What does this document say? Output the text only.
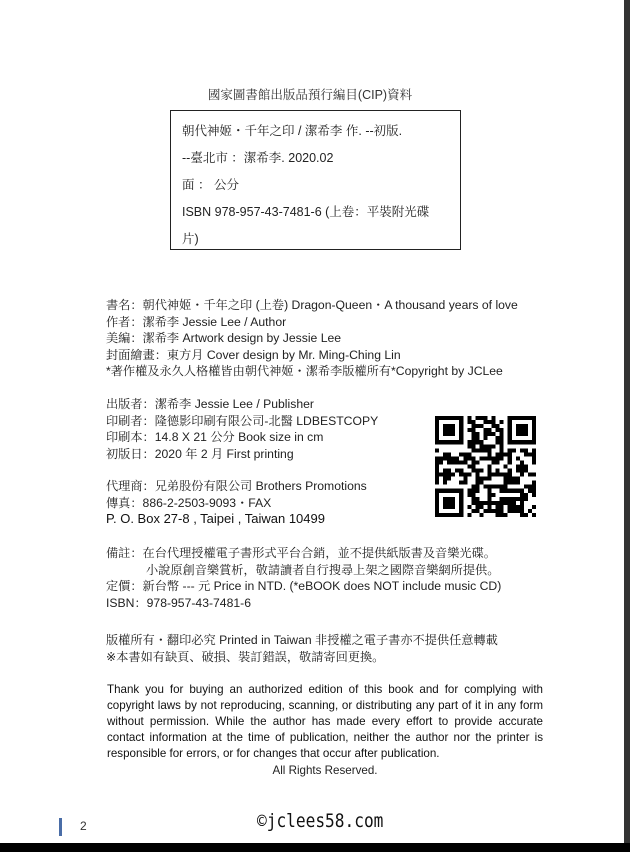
國家圖書館出版品預行編目(CIP)資料
朝代神姬・千年之印 / 潔希李 作. --初版.
--臺北市 ：潔希李. 2020.02
面 ： 公分
ISBN 978-957-43-7481-6 (上卷：平裝附光碟
片)
書名：朝代神姬・千年之印 (上卷) Dragon-Queen・A thousand years of love
作者：潔希李 Jessie Lee / Author
美編：潔希李 Artwork design by Jessie Lee
封面繪畫：東方月 Cover design by Mr. Ming-Ching Lin
*著作權及永久人格權皆由朝代神姬・潔希李版權所有*Copyright by JCLee
出版者：潔希李 Jessie Lee / Publisher
印刷者：隆德影印刷有限公司-北醫 LDBESTCOPY
印刷本：14.8 X 21 公分 Book size in cm
初版日：2020 年 2 月 First printing
代理商：兄弟股份有限公司 Brothers Promotions
傳真：886-2-2503-9093・FAX
P. O. Box 27-8 , Taipei , Taiwan 10499
備註：在台代理授權電子書形式平台合銷，並不提供紙版書及音樂光碟。
小說原創音樂賞析，敬請讀者自行搜尋上架之國際音樂網所提供。
定價：新台幣 --- 元 Price in NTD. (*eBOOK does NOT include music CD)
ISBN：978-957-43-7481-6
版權所有・翻印必究 Printed in Taiwan 非授權之電子書亦不提供任意轉載
※本書如有缺頁、破損、裝訂錯誤，敬請寄回更換。

Thank you for buying an authorized edition of this book and for complying with copyright laws by not reproducing, scanning, or distributing any part of it in any form without permission. While the author has made every effort to provide accurate contact information at the time of publication, neither the author nor the printer is responsible for errors, or for changes that occur after publication.

All Rights Reserved.
2	©jclees58.com
